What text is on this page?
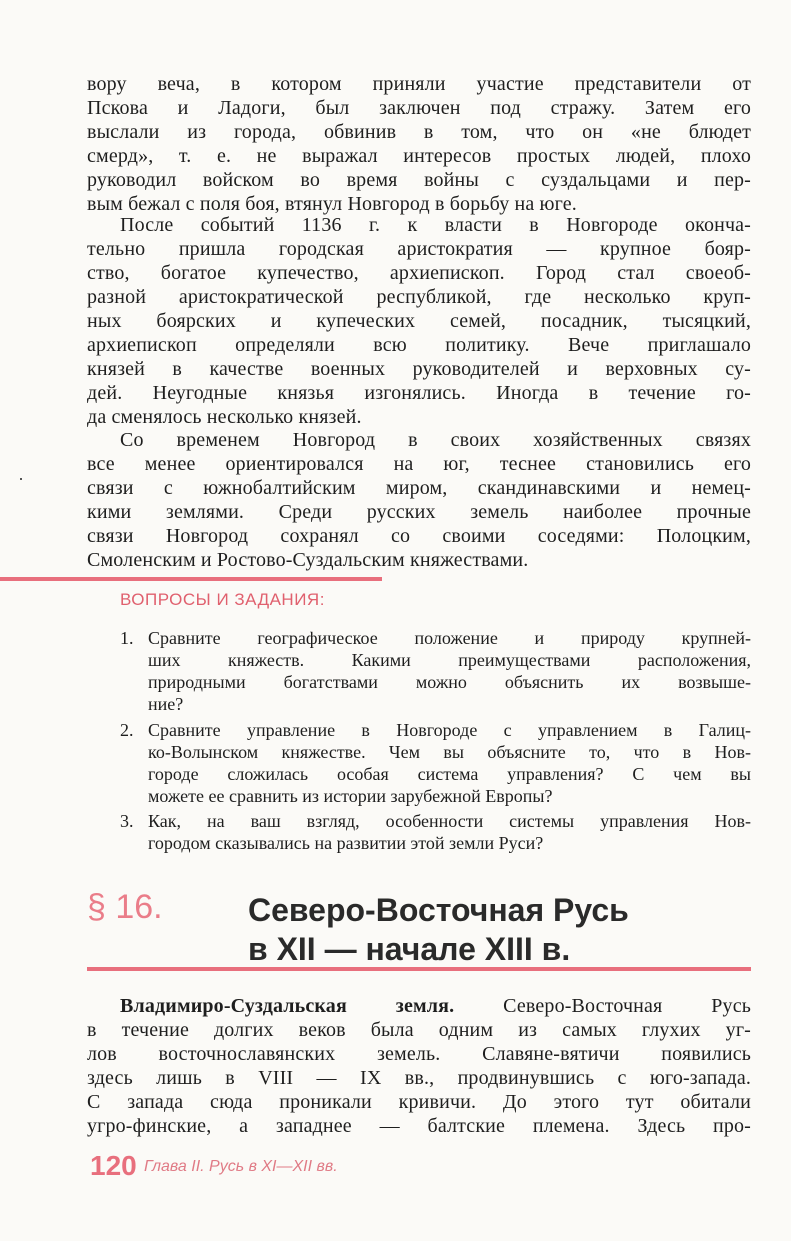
вору веча, в котором приняли участие представители от
Пскова и Ладоги, был заключен под стражу. Затем его
выслали из города, обвинив в том, что он «не блюдет
смерд», т. е. не выражал интересов простых людей, плохо
руководил войском во время войны с суздальцами и пер-
вым бежал с поля боя, втянул Новгород в борьбу на юге.
После событий 1136 г. к власти в Новгороде оконча-
тельно пришла городская аристократия — крупное бояр-
ство, богатое купечество, архиепископ. Город стал своеоб-
разной аристократической республикой, где несколько круп-
ных боярских и купеческих семей, посадник, тысяцкий,
архиепископ определяли всю политику. Вече приглашало
князей в качестве военных руководителей и верховных су-
дей. Неугодные князья изгонялись. Иногда в течение го-
да сменялось несколько князей.
Со временем Новгород в своих хозяйственных связях
все менее ориентировался на юг, теснее становились его
связи с южнобалтийским миром, скандинавскими и немец-
кими землями. Среди русских земель наиболее прочные
связи Новгород сохранял со своими соседями: Полоцким,
Смоленским и Ростово-Суздальским княжествами.
ВОПРОСЫ И ЗАДАНИЯ:
1. Сравните географическое положение и природу крупней-
ших княжеств. Какими преимуществами расположения,
природными богатствами можно объяснить их возвыше-
ние?
2. Сравните управление в Новгороде с управлением в Галиц-
ко-Волынском княжестве. Чем вы объясните то, что в Нов-
городе сложилась особая система управления? С чем вы
можете ее сравнить из истории зарубежной Европы?
3. Как, на ваш взгляд, особенности системы управления Нов-
городом сказывались на развитии этой земли Руси?
§ 16.	Северо-Восточная Русь
в XII — начале XIII в.
Владимиро-Суздальская земля. Северо-Восточная Русь
в течение долгих веков была одним из самых глухих уг-
лов восточнославянских земель. Славяне-вятичи появились
здесь лишь в VIII — IX вв., продвинувшись с юго-запада.
С запада сюда проникали кривичи. До этого тут обитали
угро-финские, а западнее — балтские племена. Здесь про-
120 Глава II. Русь в XI—XII вв.
